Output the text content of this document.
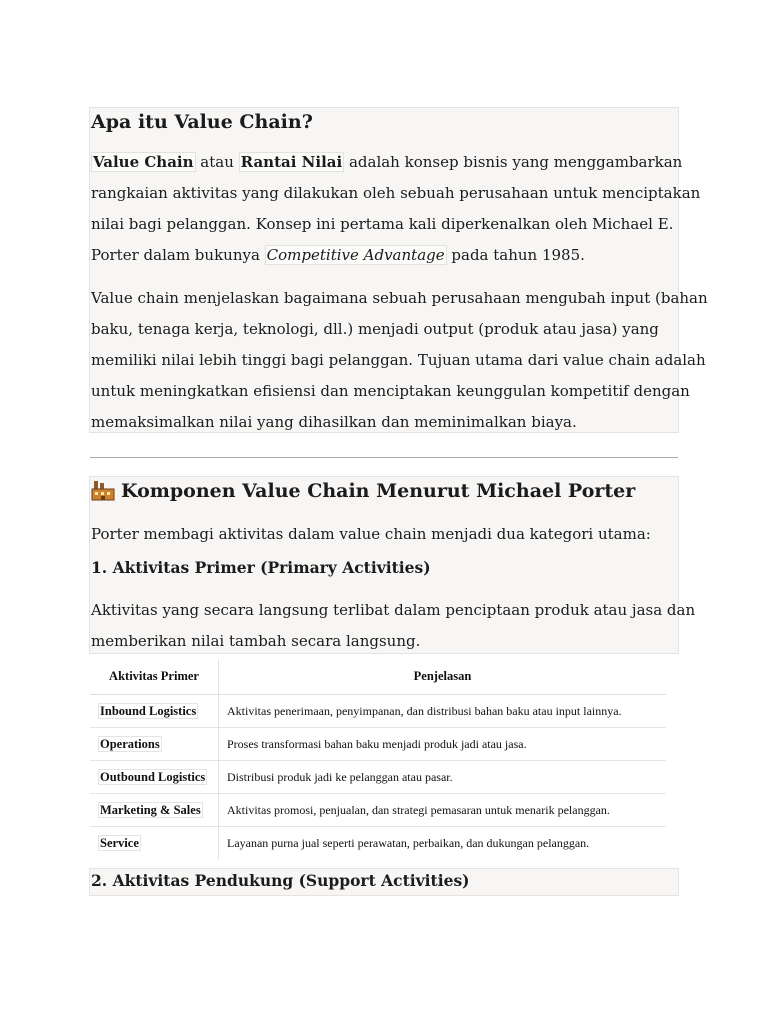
Apa itu Value Chain?

Value Chain atau Rantai Nilai adalah konsep bisnis yang menggambarkan
rangkaian aktivitas yang dilakukan oleh sebuah perusahaan untuk menciptakan
nilai bagi pelanggan. Konsep ini pertama kali diperkenalkan oleh Michael E.
Porter dalam bukunya Competitive Advantage pada tahun 1985.

Value chain menjelaskan bagaimana sebuah perusahaan mengubah input (bahan
baku, tenaga kerja, teknologi, dll.) menjadi output (produk atau jasa) yang
memiliki nilai lebih tinggi bagi pelanggan. Tujuan utama dari value chain adalah
untuk meningkatkan efisiensi dan menciptakan keunggulan kompetitif dengan
memaksimalkan nilai yang dihasilkan dan meminimalkan biaya.

Komponen Value Chain Menurut Michael Porter

Porter membagi aktivitas dalam value chain menjadi dua kategori utama:

1. Aktivitas Primer (Primary Activities)

Aktivitas yang secara langsung terlibat dalam penciptaan produk atau jasa dan
memberikan nilai tambah secara langsung.

Aktivitas Primer	Penjelasan
Inbound Logistics	Aktivitas penerimaan, penyimpanan, dan distribusi bahan baku atau input lainnya.
Operations	Proses transformasi bahan baku menjadi produk jadi atau jasa.
Outbound Logistics	Distribusi produk jadi ke pelanggan atau pasar.
Marketing & Sales	Aktivitas promosi, penjualan, dan strategi pemasaran untuk menarik pelanggan.
Service	Layanan purna jual seperti perawatan, perbaikan, dan dukungan pelanggan.
2. Aktivitas Pendukung (Support Activities)
